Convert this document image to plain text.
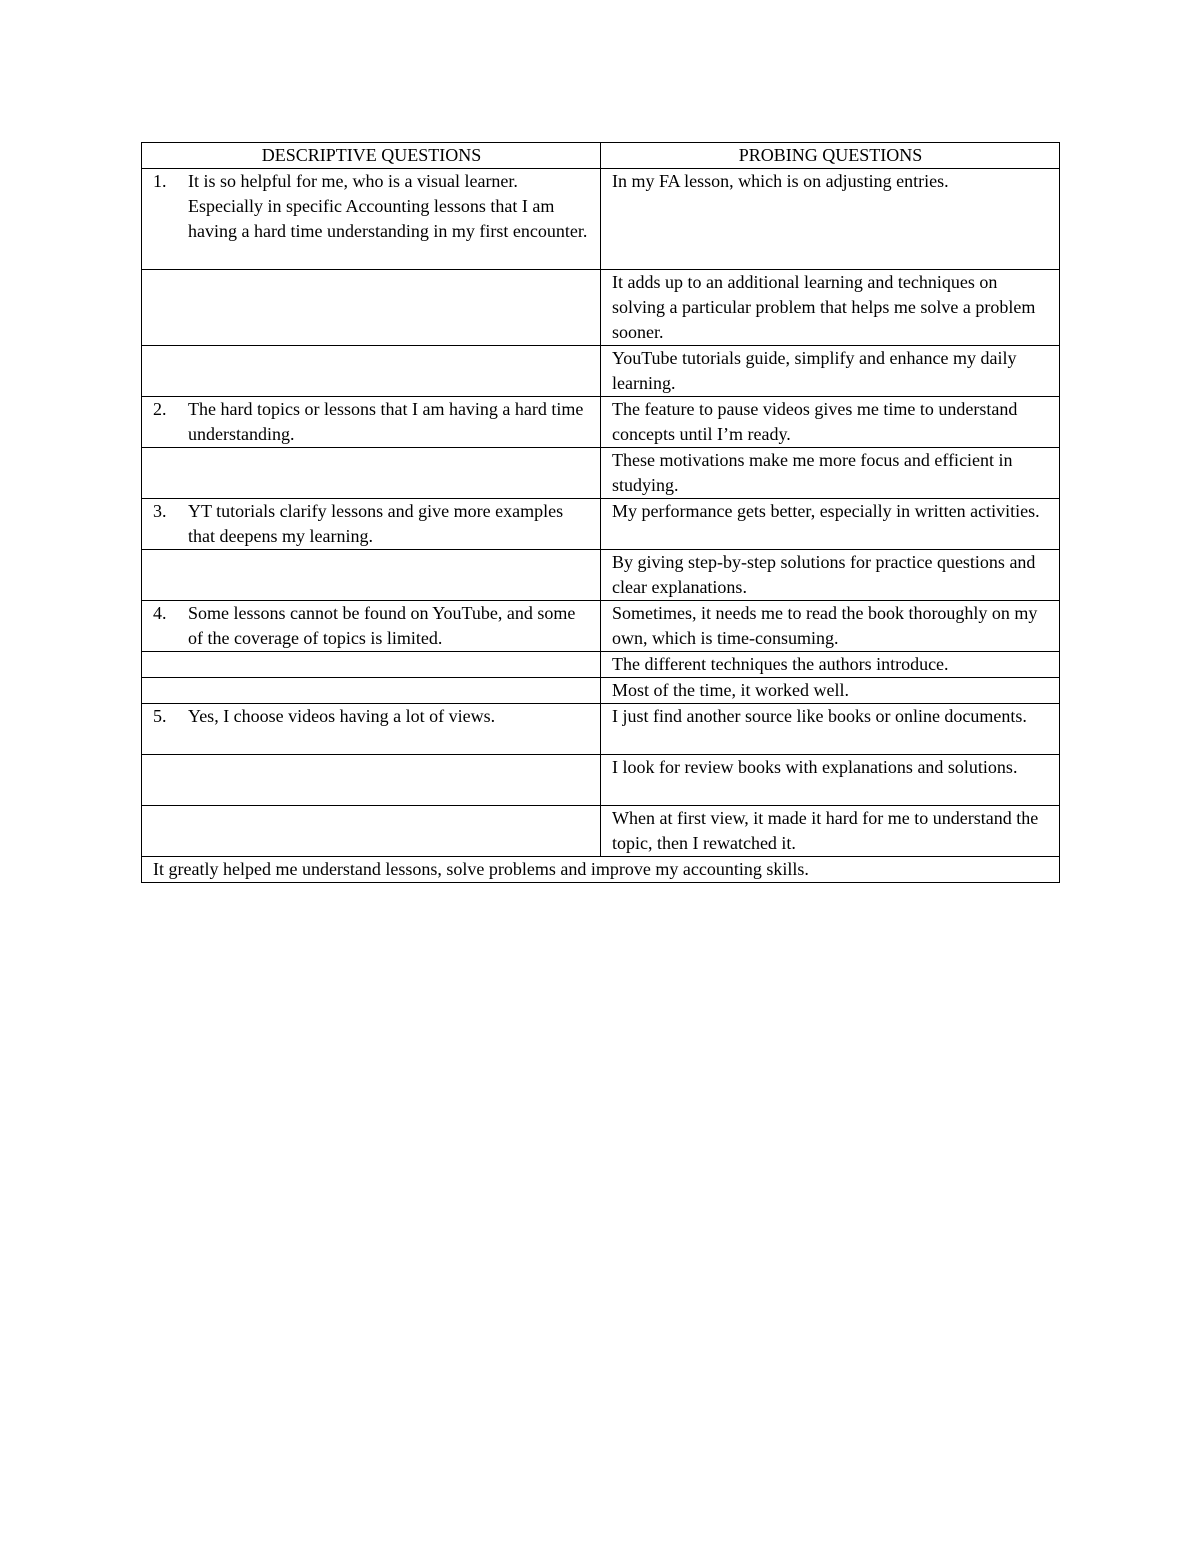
DESCRIPTIVE QUESTIONS	PROBING QUESTIONS

1. It is so helpful for me, who is a visual learner. Especially in specific Accounting lessons that I am having a hard time understanding in my first encounter.	In my FA lesson, which is on adjusting entries.
	It adds up to an additional learning and techniques on solving a particular problem that helps me solve a problem sooner.
	YouTube tutorials guide, simplify and enhance my daily learning.

2. The hard topics or lessons that I am having a hard time understanding.	The feature to pause videos gives me time to understand concepts until I’m ready.
	These motivations make me more focus and efficient in studying.

3. YT tutorials clarify lessons and give more examples that deepens my learning.	My performance gets better, especially in written activities.
	By giving step-by-step solutions for practice questions and clear explanations.

4. Some lessons cannot be found on YouTube, and some of the coverage of topics is limited.	Sometimes, it needs me to read the book thoroughly on my own, which is time-consuming.
	The different techniques the authors introduce.
	Most of the time, it worked well.

5. Yes, I choose videos having a lot of views.	I just find another source like books or online documents.
	I look for review books with explanations and solutions.
	When at first view, it made it hard for me to understand the topic, then I rewatched it.
It greatly helped me understand lessons, solve problems and improve my accounting skills.	
